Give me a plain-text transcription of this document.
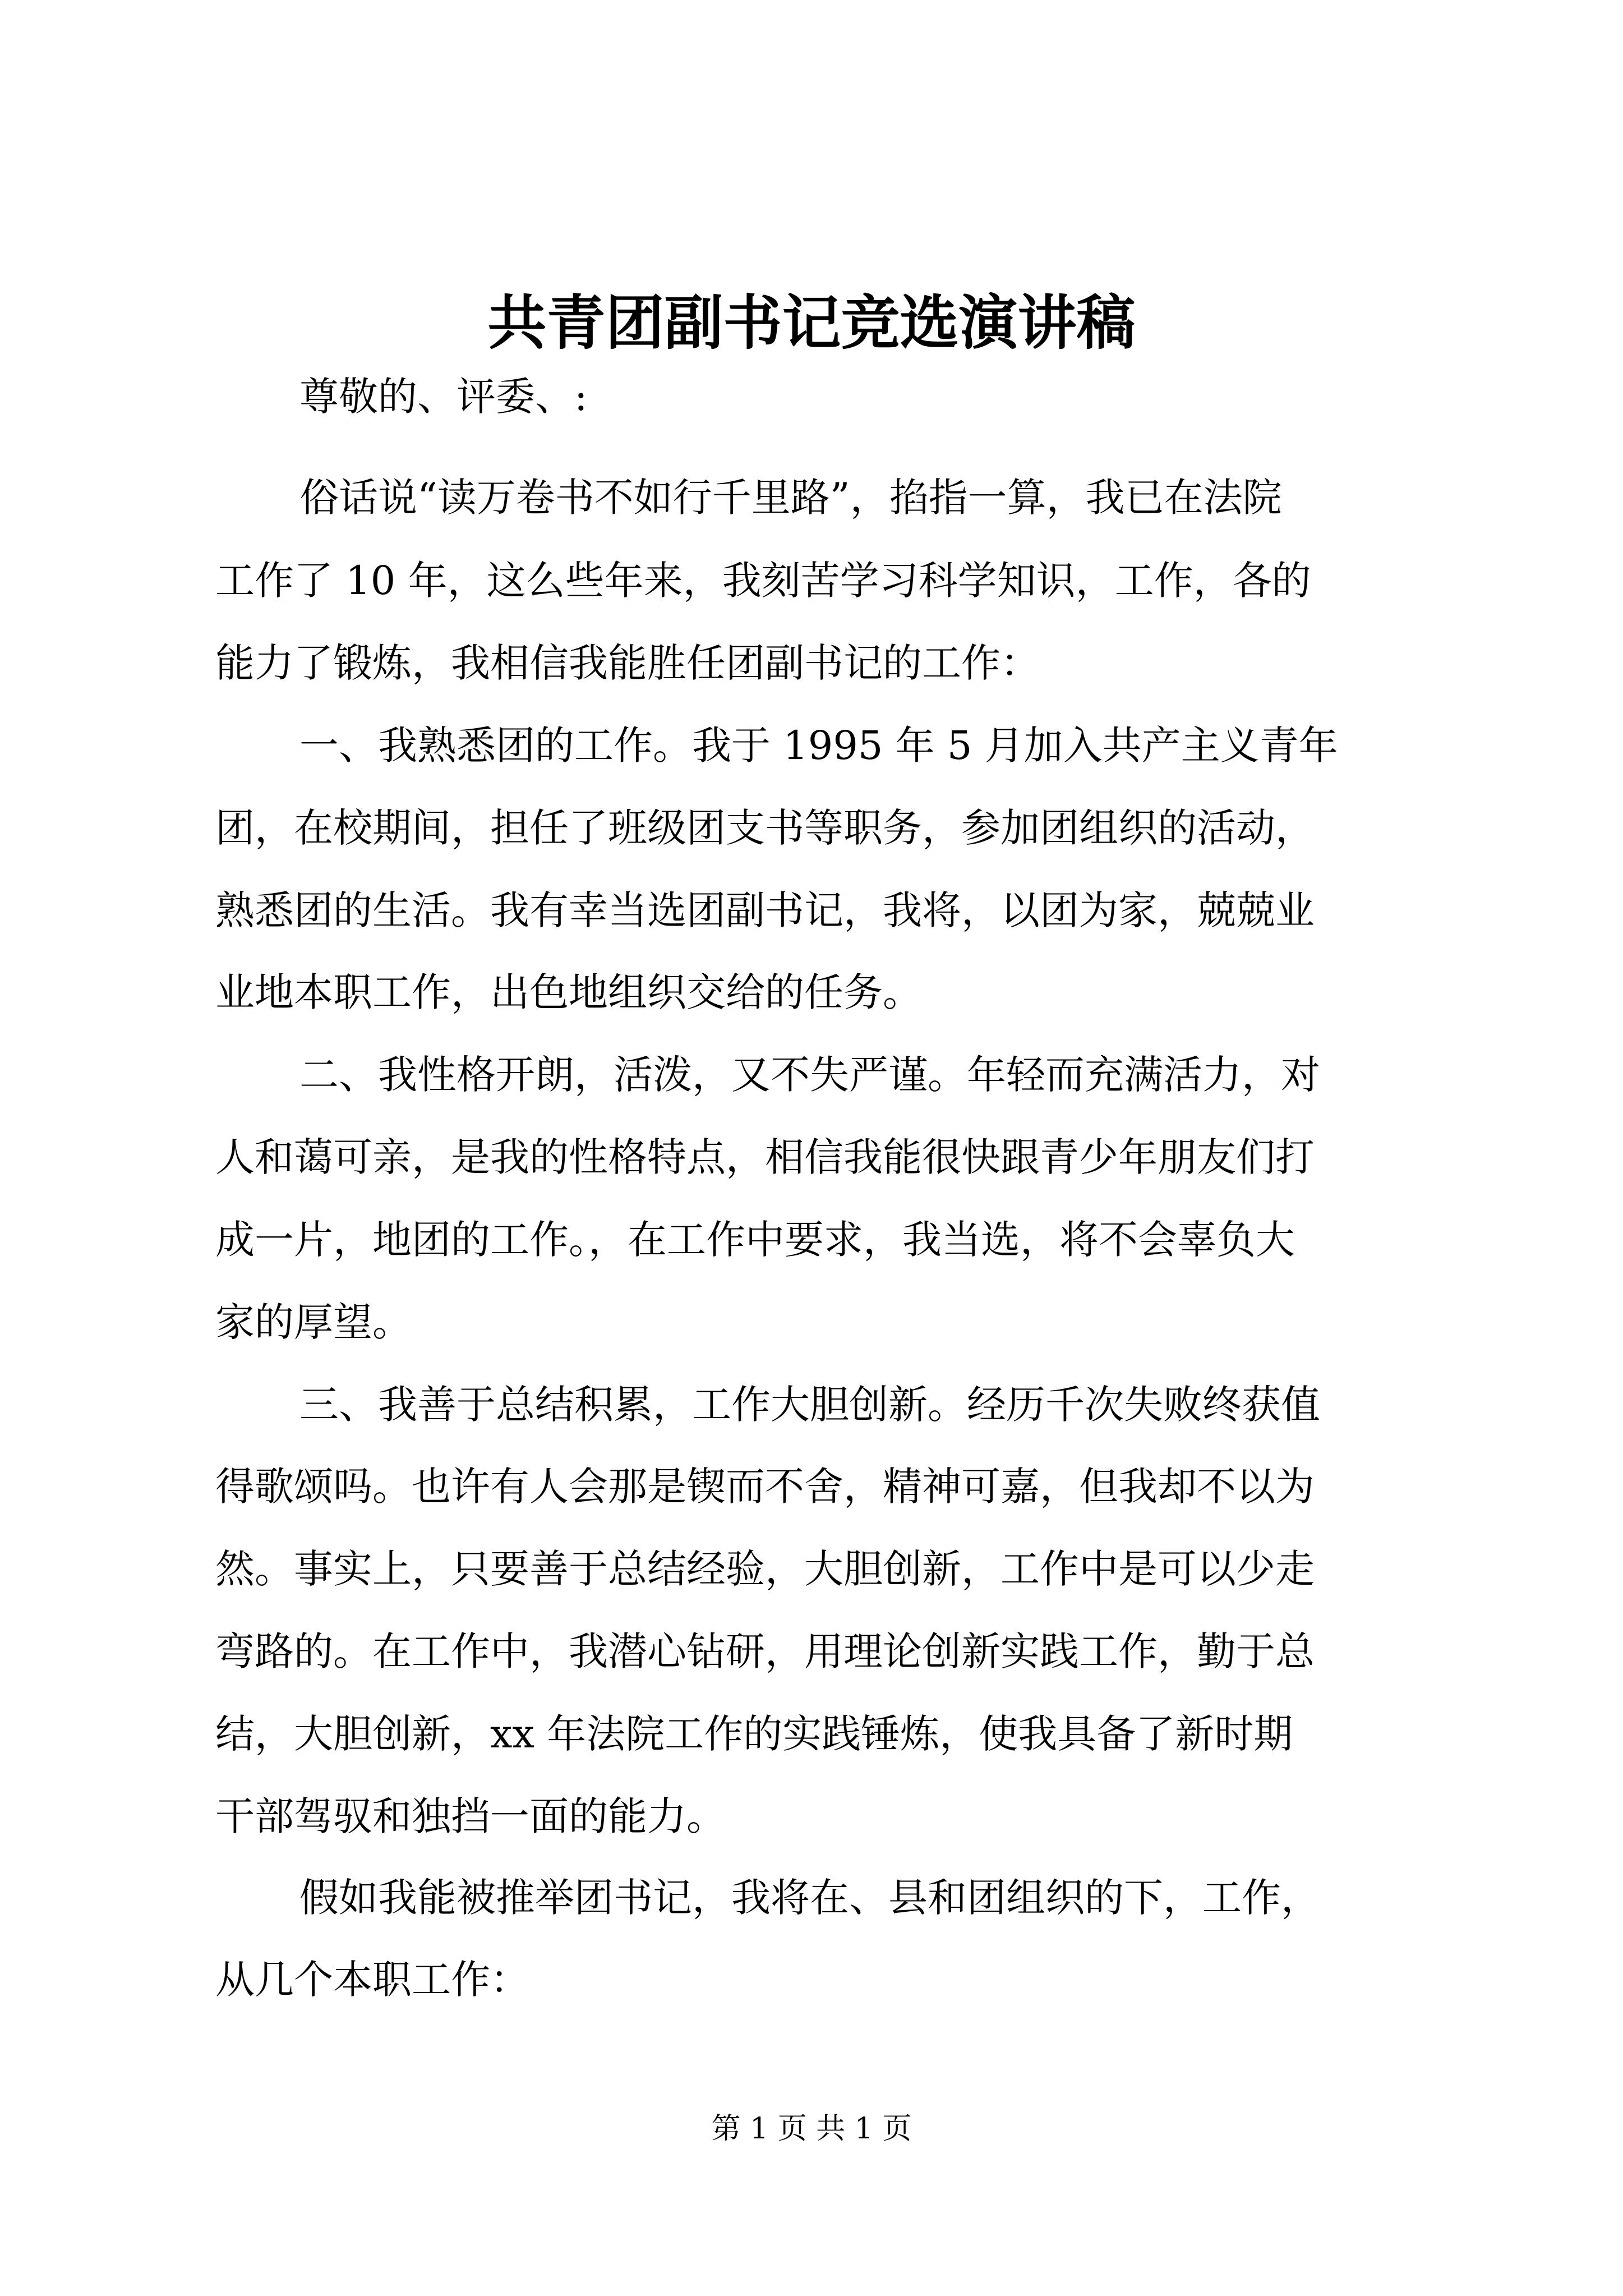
共青团副书记竞选演讲稿
尊敬的、评委、:
俗话说“读万卷书不如行千里路”，掐指一算，我已在法院
工作了 10 年，这么些年来，我刻苦学习科学知识，工作，各的
能力了锻炼，我相信我能胜任团副书记的工作：
一、我熟悉团的工作。我于 1995 年 5 月加入共产主义青年
团，在校期间，担任了班级团支书等职务，参加团组织的活动，
熟悉团的生活。我有幸当选团副书记，我将，以团为家，兢兢业
业地本职工作，出色地组织交给的任务。
二、我性格开朗，活泼，又不失严谨。年轻而充满活力，对
人和蔼可亲，是我的性格特点，相信我能很快跟青少年朋友们打
成一片，地团的工作。，在工作中要求，我当选，将不会辜负大
家的厚望。
三、我善于总结积累，工作大胆创新。经历千次失败终获值
得歌颂吗。也许有人会那是锲而不舍，精神可嘉，但我却不以为
然。事实上，只要善于总结经验，大胆创新，工作中是可以少走
弯路的。在工作中，我潜心钻研，用理论创新实践工作，勤于总
结，大胆创新，xx 年法院工作的实践锤炼，使我具备了新时期
干部驾驭和独挡一面的能力。
假如我能被推举团书记，我将在、县和团组织的下，工作，
从几个本职工作：
第 1 页 共 1 页
